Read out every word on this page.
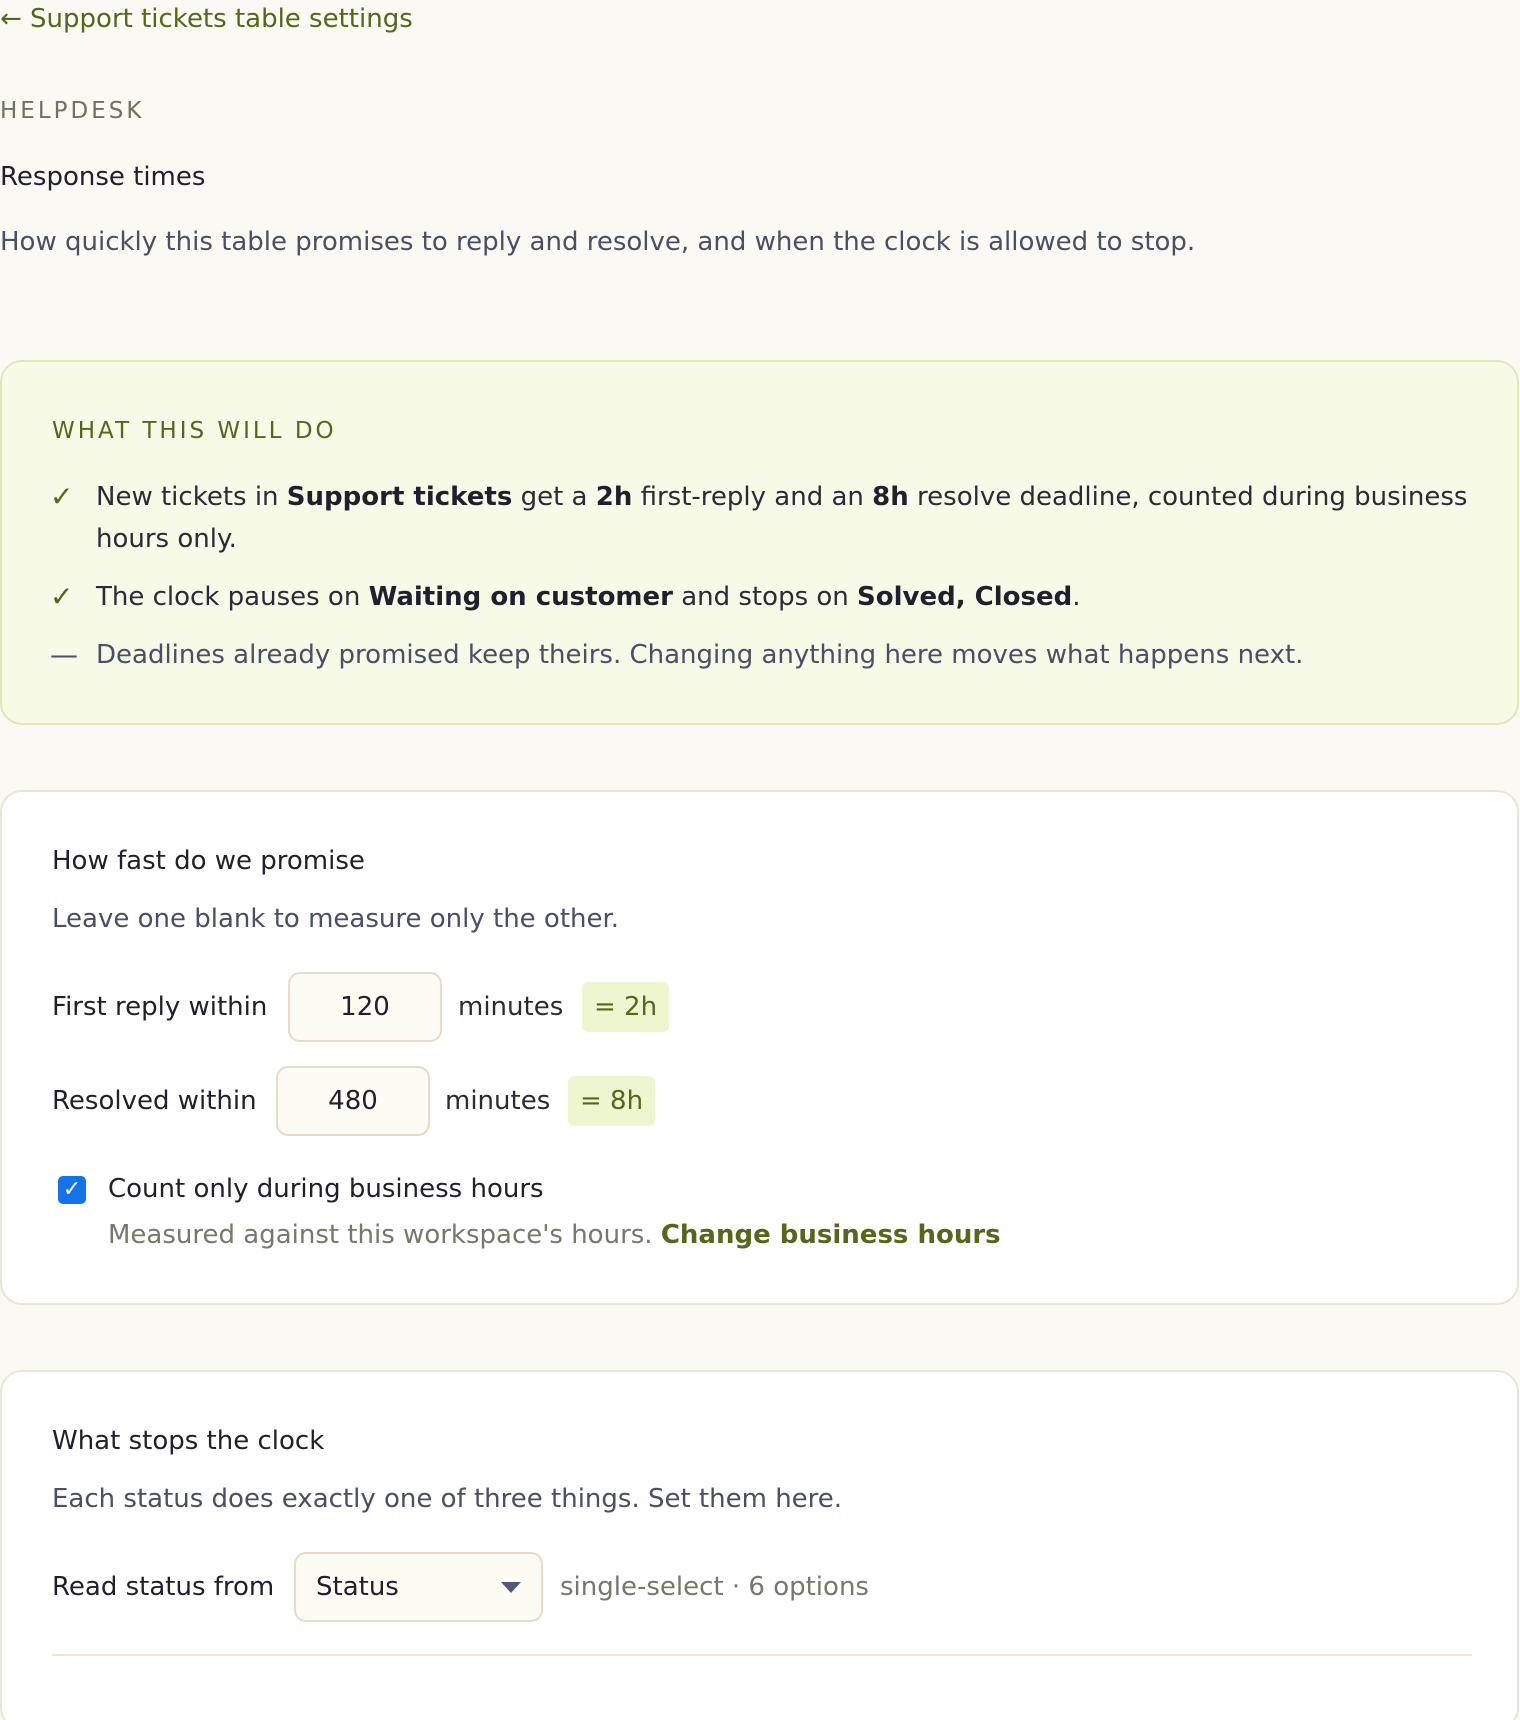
← Support tickets table settings
HELPDESK
Response times
How quickly this table promises to reply and resolve, and when the clock is allowed to stop.
WHAT THIS WILL DO
✓ New tickets in Support tickets get a 2h first-reply and an 8h resolve deadline, counted during business hours only.
✓ The clock pauses on Waiting on customer and stops on Solved, Closed.
— Deadlines already promised keep theirs. Changing anything here moves what happens next.
How fast do we promise
Leave one blank to measure only the other.
First reply within
120	minutes	= 2h
Resolved within
480	minutes	= 8h
✓ Count only during business hours
Measured against this workspace's hours. Change business hours
What stops the clock
Each status does exactly one of three things. Set them here.
Read status from Status	single-select · 6 options
